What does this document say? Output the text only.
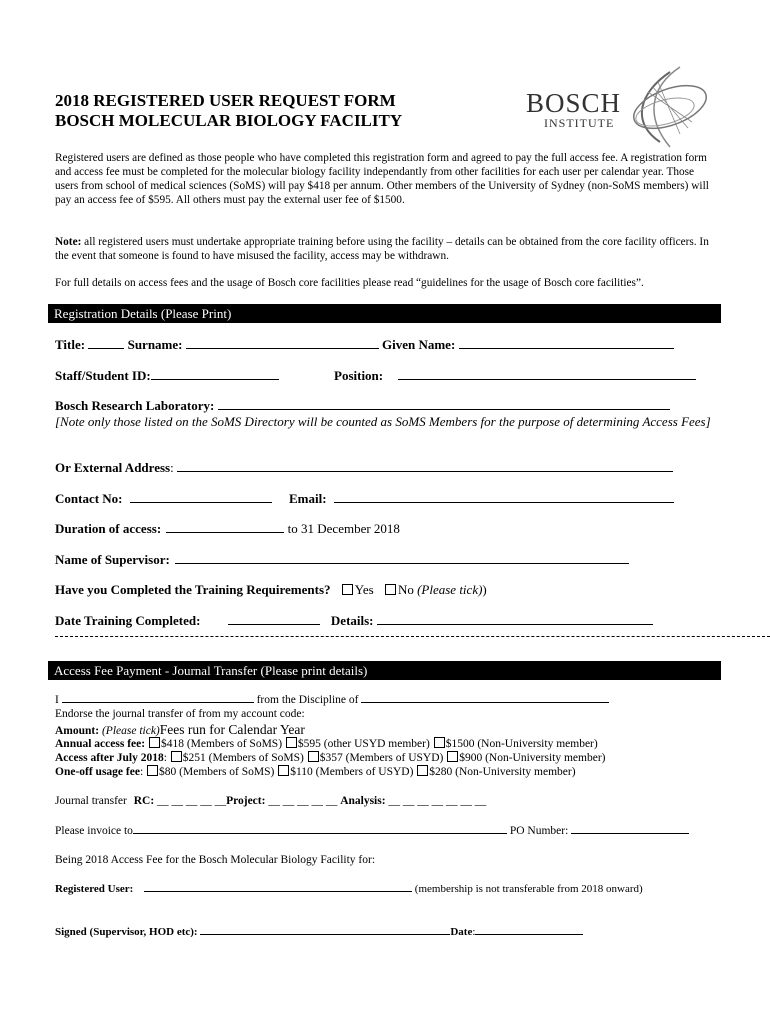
2018 REGISTERED USER REQUEST FORM
BOSCH MOLECULAR BIOLOGY FACILITY
BOSCH
INSTITUTE
Registered users are defined as those people who have completed this registration form and agreed to pay the full access fee. A registration form and access fee must be completed for the molecular biology facility independantly from other facilities for each user per calendar year. Those users from school of medical sciences (SoMS) will pay $418 per annum. Other members of the University of Sydney (non-SoMS members) will pay an access fee of $595. All others must pay the external user fee of $1500.
Note: all registered users must undertake appropriate training before using the facility – details can be obtained from the core facility officers. In the event that someone is found to have misused the facility, access may be withdrawn.
For full details on access fees and the usage of Bosch core facilities please read “guidelines for the usage of Bosch core facilities”.
Registration Details (Please Print)
Title:	Surname:	Given Name:
Staff/Student ID:	Position:
Bosch Research Laboratory:
[Note only those listed on the SoMS Directory will be counted as SoMS Members for the purpose of determining Access Fees]
Or External Address:
Contact No:	Email:
Duration of access:	to 31 December 2018
Name of Supervisor:
Have you Completed the Training Requirements? Yes No (Please tick))
Date Training Completed:	Details:
Access Fee Payment - Journal Transfer (Please print details)
I	from the Discipline of
Endorse the journal transfer of from my account code:
Amount: (Please tick)Fees run for Calendar Year
Annual access fee: $418 (Members of SoMS) $595 (other USYD member) $1500 (Non-University member)
Access after July 2018: $251 (Members of SoMS) $357 (Members of USYD) $900 (Non-University member)
One-off usage fee: $80 (Members of SoMS) $110 (Members of USYD) $280 (Non-University member)
Journal transfer RC: __ __ __ __ __Project: __ __ __ __ __ Analysis: __ __ __ __ __ __ __
Please invoice to	PO Number:
Being 2018 Access Fee for the Bosch Molecular Biology Facility for:
Registered User:	(membership is not transferable from 2018 onward)
Signed (Supervisor, HOD etc):	Date:
